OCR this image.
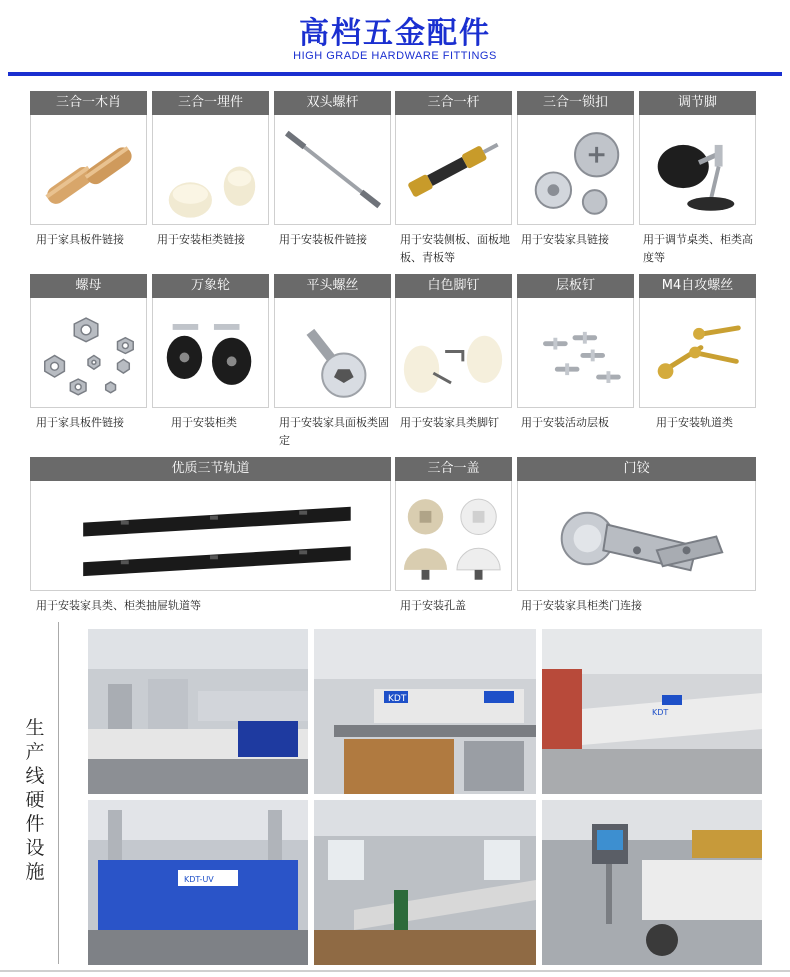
高档五金配件
HIGH GRADE HARDWARE FITTINGS
三合一木肖
用于家具板件链接
三合一埋件
用于安装柜类链接
双头螺杆
用于安装板件链接
三合一杆
用于安装侧板、面板地板、青板等
三合一锁扣
用于安装家具链接
调节脚
用于调节桌类、柜类高度等
螺母
用于家具板件链接
万象轮
用于安装柜类
平头螺丝
用于安装家具面板类固定
白色脚钉
用于安装家具类脚钉
层板钉
用于安装活动层板
M4自攻螺丝
用于安装轨道类
优质三节轨道
用于安装家具类、柜类抽屉轨道等
三合一盖
用于安装孔盖
门铰
用于安装家具柜类门连接
生产线硬件设施
KDT
KDT
KDT-UV
